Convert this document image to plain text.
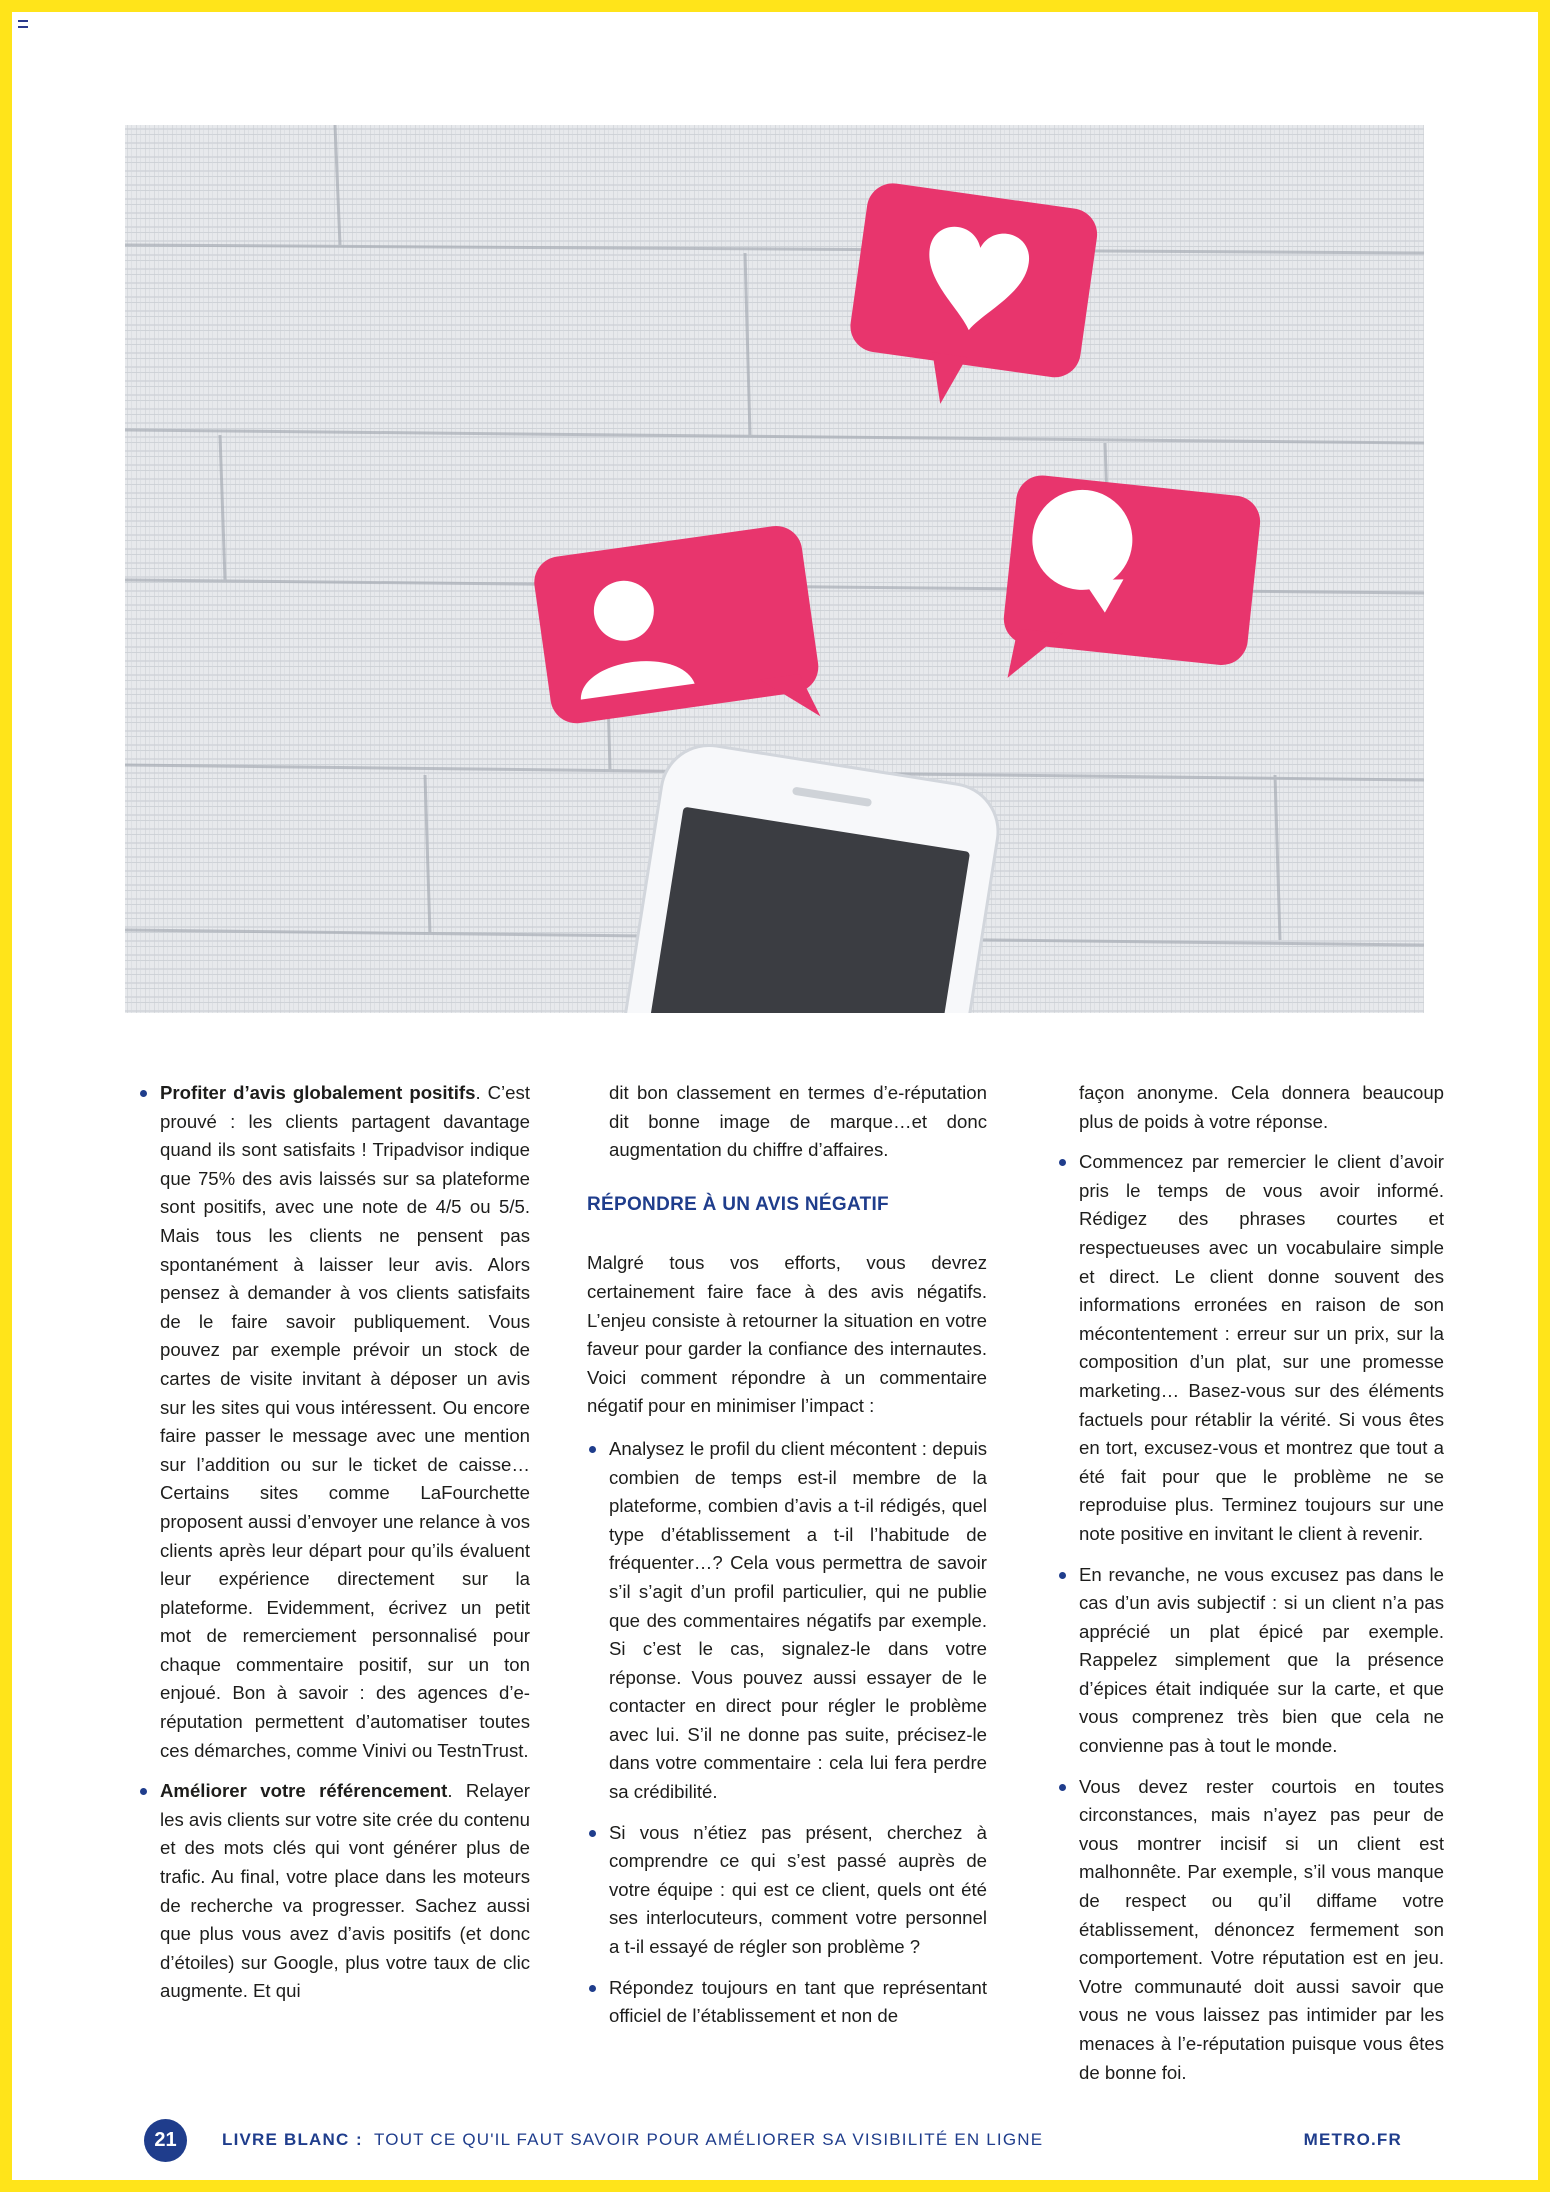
Profiter d’avis globalement positifs. C’est prouvé : les clients partagent davantage quand ils sont satisfaits ! Tripadvisor indique que 75% des avis laissés sur sa plateforme sont positifs, avec une note de 4/5 ou 5/5. Mais tous les clients ne pensent pas spontanément à laisser leur avis. Alors pensez à demander à vos clients satisfaits de le faire savoir publiquement. Vous pouvez par exemple prévoir un stock de cartes de visite invitant à déposer un avis sur les sites qui vous intéressent. Ou encore faire passer le message avec une mention sur l’addition ou sur le ticket de caisse…Certains sites comme LaFourchette proposent aussi d’envoyer une relance à vos clients après leur départ pour qu’ils évaluent leur expérience directement sur la plateforme. Evidemment, écrivez un petit mot de remerciement personnalisé pour chaque commentaire positif, sur un ton enjoué. Bon à savoir : des agences d’e-réputation permettent d’automatiser toutes ces démarches, comme Vinivi ou TestnTrust.
Améliorer votre référencement. Relayer les avis clients sur votre site crée du contenu et des mots clés qui vont générer plus de trafic. Au final, votre place dans les moteurs de recherche va progresser. Sachez aussi que plus vous avez d’avis positifs (et donc d’étoiles) sur Google, plus votre taux de clic augmente. Et qui

dit bon classement en termes d’e-réputation dit bonne image de marque…et donc augmentation du chiffre d’affaires.

RÉPONDRE À UN AVIS NÉGATIF

Malgré tous vos efforts, vous devrez certainement faire face à des avis négatifs. L’enjeu consiste à retourner la situation en votre faveur pour garder la confiance des internautes. Voici comment répondre à un commentaire négatif pour en minimiser l’impact :

Analysez le profil du client mécontent : depuis combien de temps est-il membre de la plateforme, combien d’avis a t-il rédigés, quel type d’établissement a t-il l’habitude de fréquenter…? Cela vous permettra de savoir s’il s’agit d’un profil particulier, qui ne publie que des commentaires négatifs par exemple. Si c’est le cas, signalez-le dans votre réponse. Vous pouvez aussi essayer de le contacter en direct pour régler le problème avec lui. S’il ne donne pas suite, précisez-le dans votre commentaire : cela lui fera perdre sa crédibilité.
Si vous n’étiez pas présent, cherchez à comprendre ce qui s’est passé auprès de votre équipe : qui est ce client, quels ont été ses interlocuteurs, comment votre personnel a t-il essayé de régler son problème ?
Répondez toujours en tant que représentant officiel de l’établissement et non de

façon anonyme. Cela donnera beaucoup plus de poids à votre réponse.

Commencez par remercier le client d’avoir pris le temps de vous avoir informé. Rédigez des phrases courtes et respectueuses avec un vocabulaire simple et direct. Le client donne souvent des informations erronées en raison de son mécontentement : erreur sur un prix, sur la composition d’un plat, sur une promesse marketing… Basez-vous sur des éléments factuels pour rétablir la vérité. Si vous êtes en tort, excusez-vous et montrez que tout a été fait pour que le problème ne se reproduise plus. Terminez toujours sur une note positive en invitant le client à revenir.
En revanche, ne vous excusez pas dans le cas d’un avis subjectif : si un client n’a pas apprécié un plat épicé par exemple. Rappelez simplement que la présence d’épices était indiquée sur la carte, et que vous comprenez très bien que cela ne convienne pas à tout le monde.
Vous devez rester courtois en toutes circonstances, mais n’ayez pas peur de vous montrer incisif si un client est malhonnête. Par exemple, s’il vous manque de respect ou qu’il diffame votre établissement, dénoncez fermement son comportement. Votre réputation est en jeu. Votre communauté doit aussi savoir que vous ne vous laissez pas intimider par les menaces à l’e-réputation puisque vous êtes de bonne foi.
21	LIVRE BLANC : TOUT CE QU'IL FAUT SAVOIR POUR AMÉLIORER SA VISIBILITÉ EN LIGNE	METRO.FR
